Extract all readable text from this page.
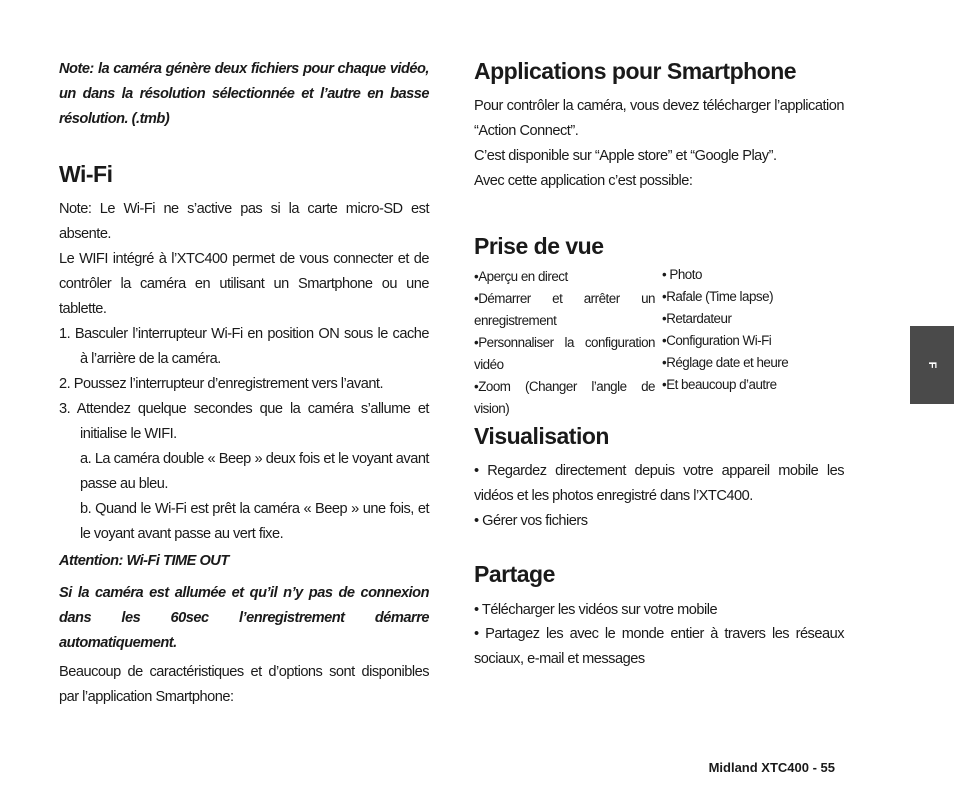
Note: la caméra génère deux fichiers pour chaque vidéo, un dans la résolution sélectionnée et l’autre en basse résolution. (.tmb)

Wi-Fi

Note: Le Wi-Fi ne s’active pas si la carte micro-SD est absente.

Le WIFI intégré à l’XTC400 permet de vous connecter et de contrôler la caméra en utilisant un Smartphone ou une tablette.

1. Basculer l’interrupteur Wi-Fi en position ON sous le cache à l’arrière de la caméra.

2. Poussez l’interrupteur d’enregistrement vers l’avant.

3. Attendez quelque secondes que la caméra s’allume et initialise le WIFI.

a. La caméra double « Beep » deux fois et le voyant avant passe au bleu.

b. Quand le Wi-Fi est prêt la caméra « Beep » une fois, et le voyant avant passe au vert fixe.

Attention: Wi-Fi TIME OUT

Si la caméra est allumée et qu’il n’y pas de connexion dans les 60sec l’enregistrement démarre automatiquement.

Beaucoup de caractéristiques et d’options sont disponibles par l’application Smartphone:

Applications pour Smartphone

Pour contrôler la caméra, vous devez télécharger l’application “Action Connect”.

C’est disponible sur “Apple store” et “Google Play”.

Avec cette application c’est possible:

Prise de vue

•Aperçu en direct

•Démarrer et arrêter un enregistrement

•Personnaliser la configuration vidéo

•Zoom (Changer l’angle de vision)

• Photo

•Rafale (Time lapse)

•Retardateur

•Configuration Wi-Fi

•Réglage date et heure

•Et beaucoup d’autre

Visualisation

• Regardez directement depuis votre appareil mobile les vidéos et les photos enregistré dans l’XTC400.

• Gérer vos fichiers

Partage

• Télécharger les vidéos sur votre mobile

• Partagez les avec le monde entier à travers les réseaux sociaux, e-mail et messages

F
Midland XTC400 - 55
